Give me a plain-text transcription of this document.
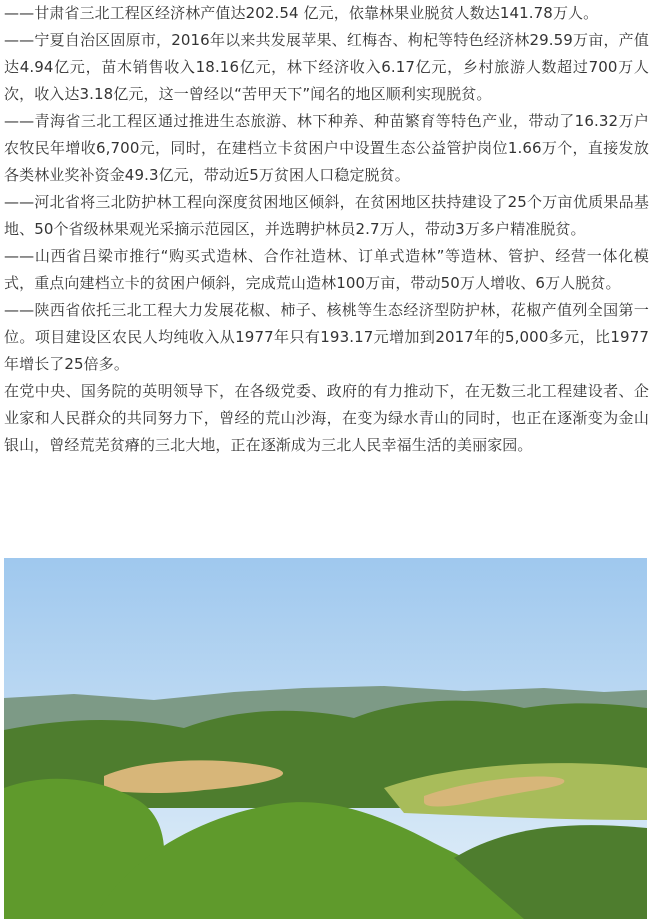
——甘肃省三北工程区经济林产值达202.54 亿元，依靠林果业脱贫人数达141.78万人。

——宁夏自治区固原市，2016年以来共发展苹果、红梅杏、枸杞等特色经济林29.59万亩，产值达4.94亿元，苗木销售收入18.16亿元，林下经济收入6.17亿元，乡村旅游人数超过700万人次，收入达3.18亿元，这一曾经以“苦甲天下”闻名的地区顺利实现脱贫。

——青海省三北工程区通过推进生态旅游、林下种养、种苗繁育等特色产业，带动了16.32万户农牧民年增收6,700元，同时，在建档立卡贫困户中设置生态公益管护岗位1.66万个，直接发放各类林业奖补资金49.3亿元，带动近5万贫困人口稳定脱贫。

——河北省将三北防护林工程向深度贫困地区倾斜，在贫困地区扶持建设了25个万亩优质果品基地、50个省级林果观光采摘示范园区，并选聘护林员2.7万人，带动3万多户精准脱贫。

——山西省吕梁市推行“购买式造林、合作社造林、订单式造林”等造林、管护、经营一体化模式，重点向建档立卡的贫困户倾斜，完成荒山造林100万亩，带动50万人增收、6万人脱贫。

——陕西省依托三北工程大力发展花椒、柿子、核桃等生态经济型防护林，花椒产值列全国第一位。项目建设区农民人均纯收入从1977年只有193.17元增加到2017年的5,000多元，比1977年增长了25倍多。

在党中央、国务院的英明领导下，在各级党委、政府的有力推动下，在无数三北工程建设者、企业家和人民群众的共同努力下，曾经的荒山沙海，在变为绿水青山的同时，也正在逐渐变为金山银山，曾经荒芜贫瘠的三北大地，正在逐渐成为三北人民幸福生活的美丽家园。
